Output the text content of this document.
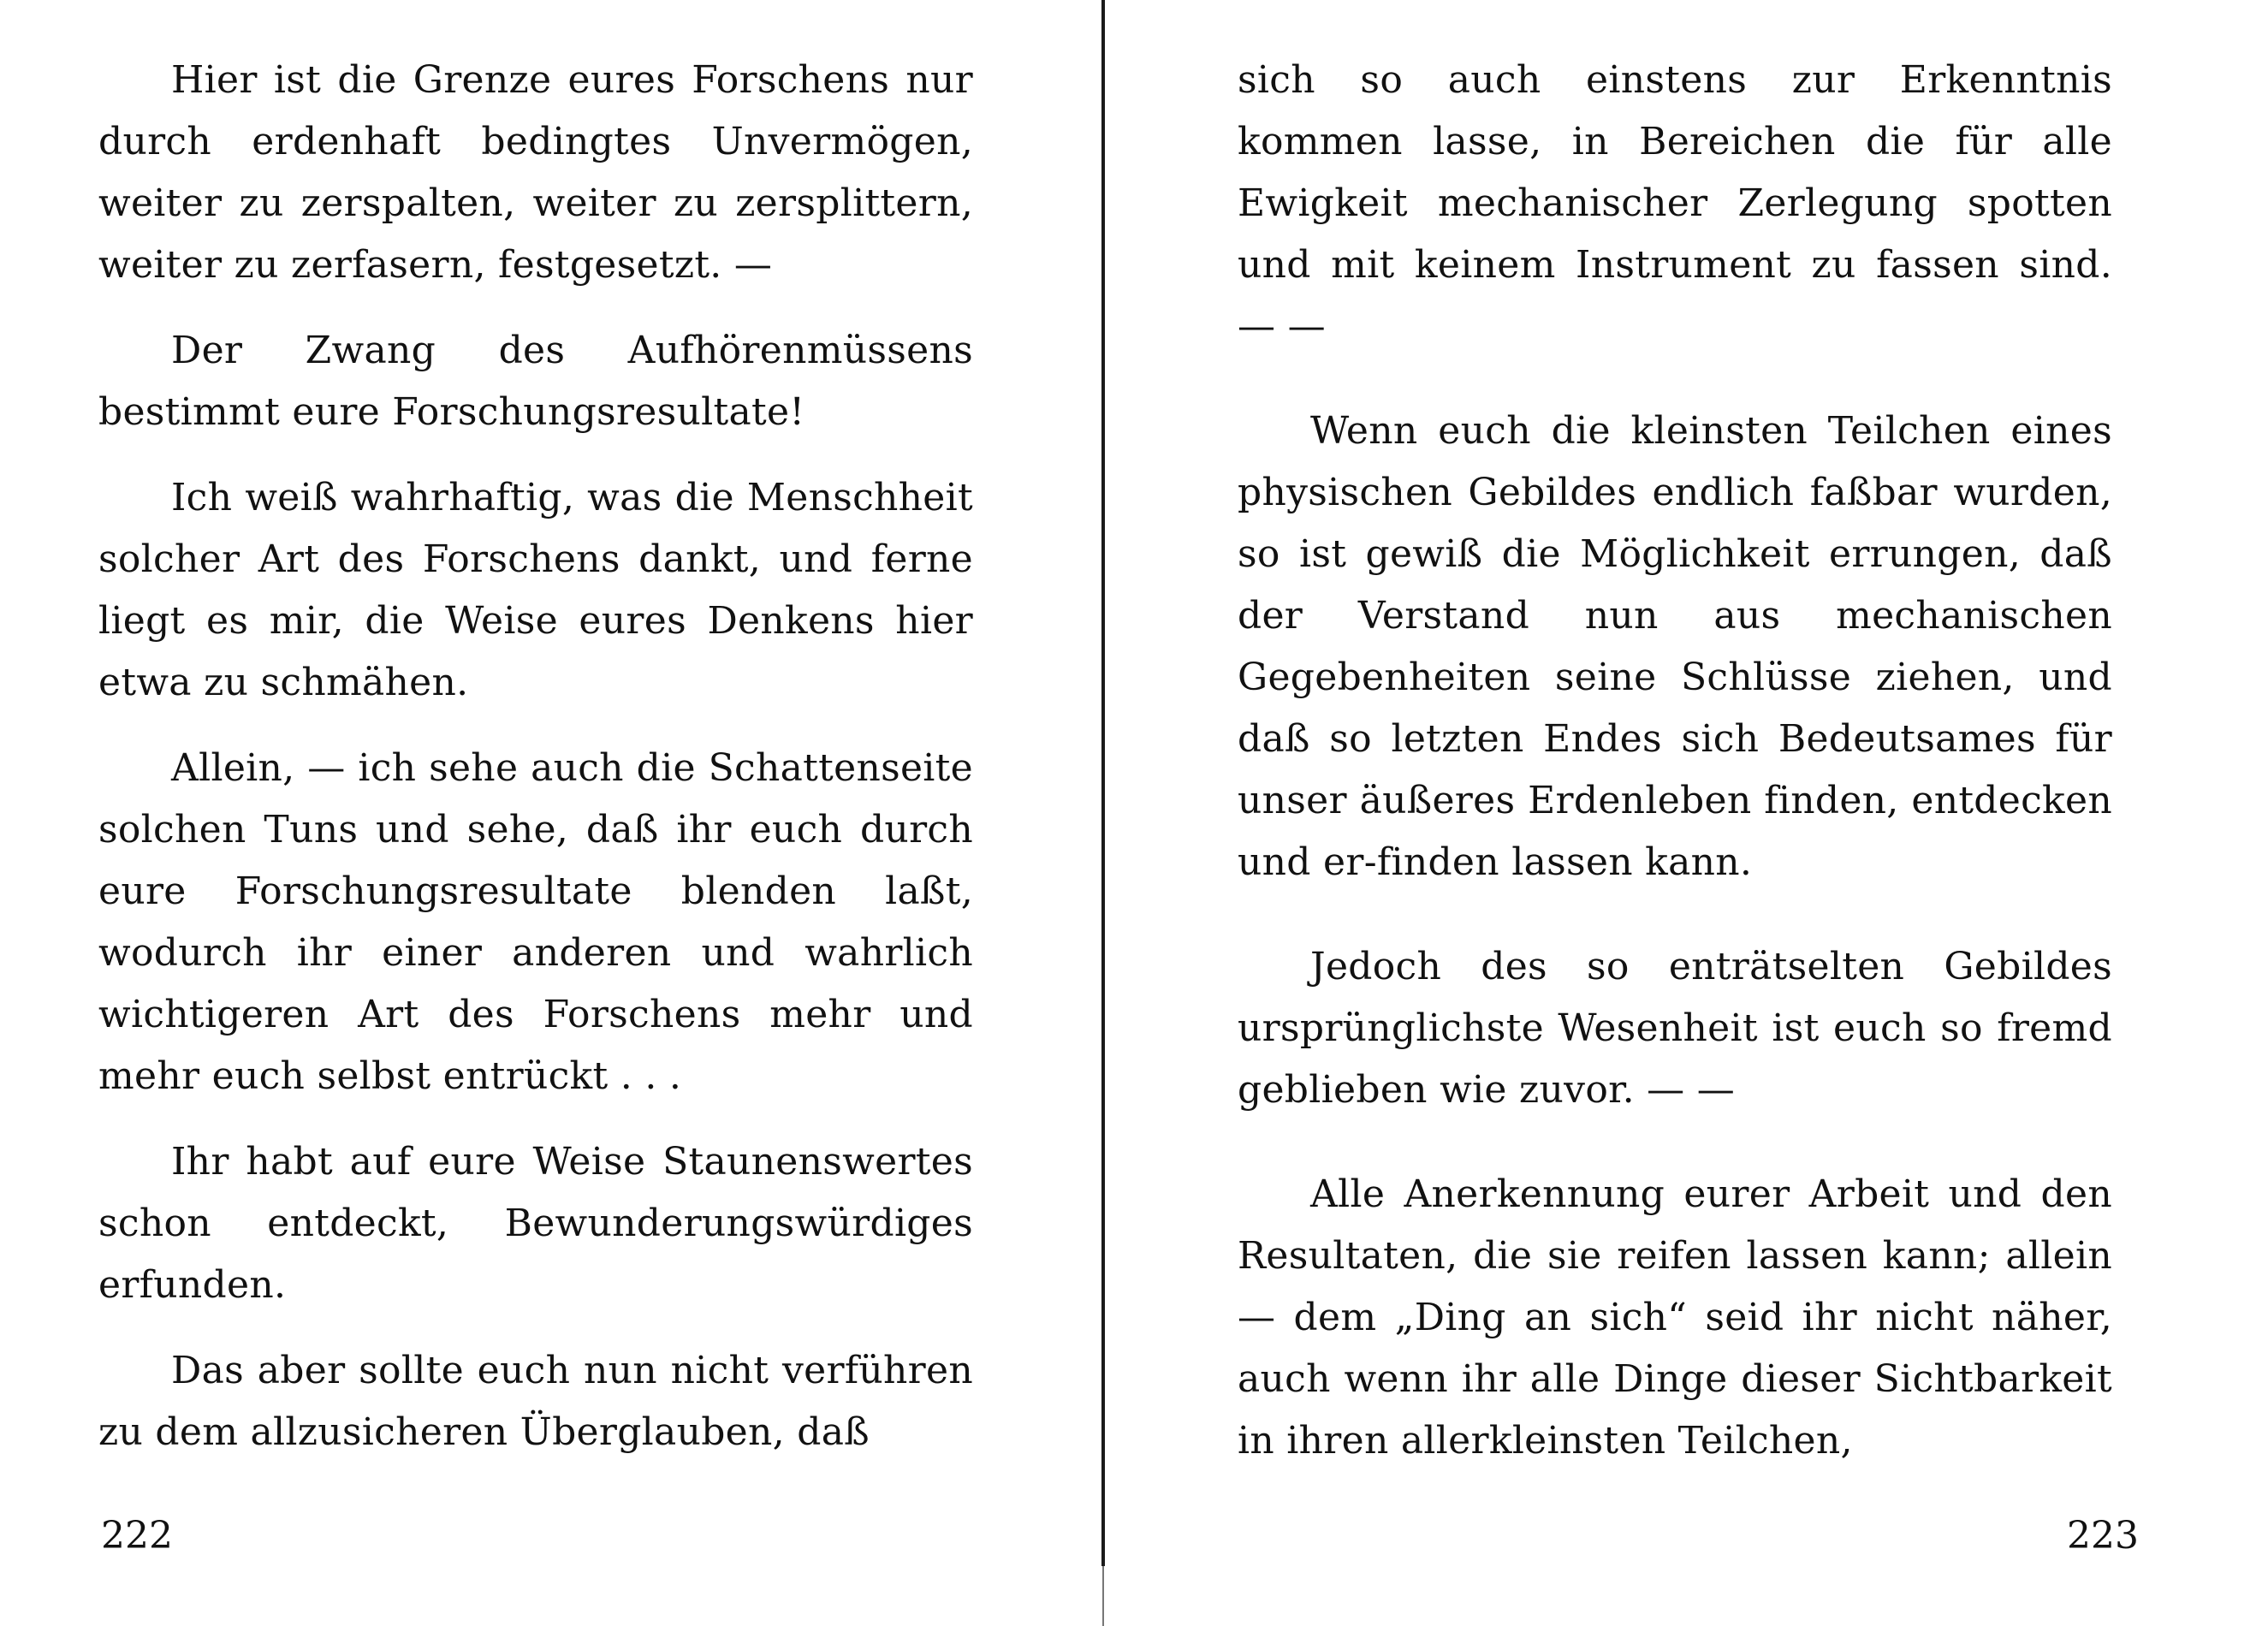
Hier ist die Grenze eures Forschens nur durch erdenhaft bedingtes Unvermögen, weiter zu zerspalten, weiter zu zersplittern, weiter zu zerfasern, festgesetzt. —

Der Zwang des Aufhörenmüssens bestimmt eure Forschungsresultate!

Ich weiß wahrhaftig, was die Menschheit solcher Art des Forschens dankt, und ferne liegt es mir, die Weise eures Denkens hier etwa zu schmähen.

Allein, — ich sehe auch die Schattenseite solchen Tuns und sehe, daß ihr euch durch eure Forschungsresultate blenden laßt, wodurch ihr einer anderen und wahrlich wichtigeren Art des Forschens mehr und mehr euch selbst entrückt . . .

Ihr habt auf eure Weise Staunenswertes schon entdeckt, Bewunderungswürdiges erfunden.

Das aber sollte euch nun nicht verführen zu dem allzusicheren Überglauben, daß

222

sich so auch einstens zur Erkenntnis kommen lasse, in Bereichen die für alle Ewigkeit mechanischer Zerlegung spotten und mit keinem Instrument zu fassen sind. — —

Wenn euch die kleinsten Teilchen eines physischen Gebildes endlich faßbar wurden, so ist gewiß die Möglichkeit errungen, daß der Verstand nun aus mechanischen Gegebenheiten seine Schlüsse ziehen, und daß so letzten Endes sich Bedeutsames für unser äußeres Erdenleben finden, entdecken und er-finden lassen kann.

Jedoch des so enträtselten Gebildes ursprünglichste Wesenheit ist euch so fremd geblieben wie zuvor. — —

Alle Anerkennung eurer Arbeit und den Resultaten, die sie reifen lassen kann; allein — dem „Ding an sich“ seid ihr nicht näher, auch wenn ihr alle Dinge dieser Sichtbarkeit in ihren allerkleinsten Teilchen,

223
